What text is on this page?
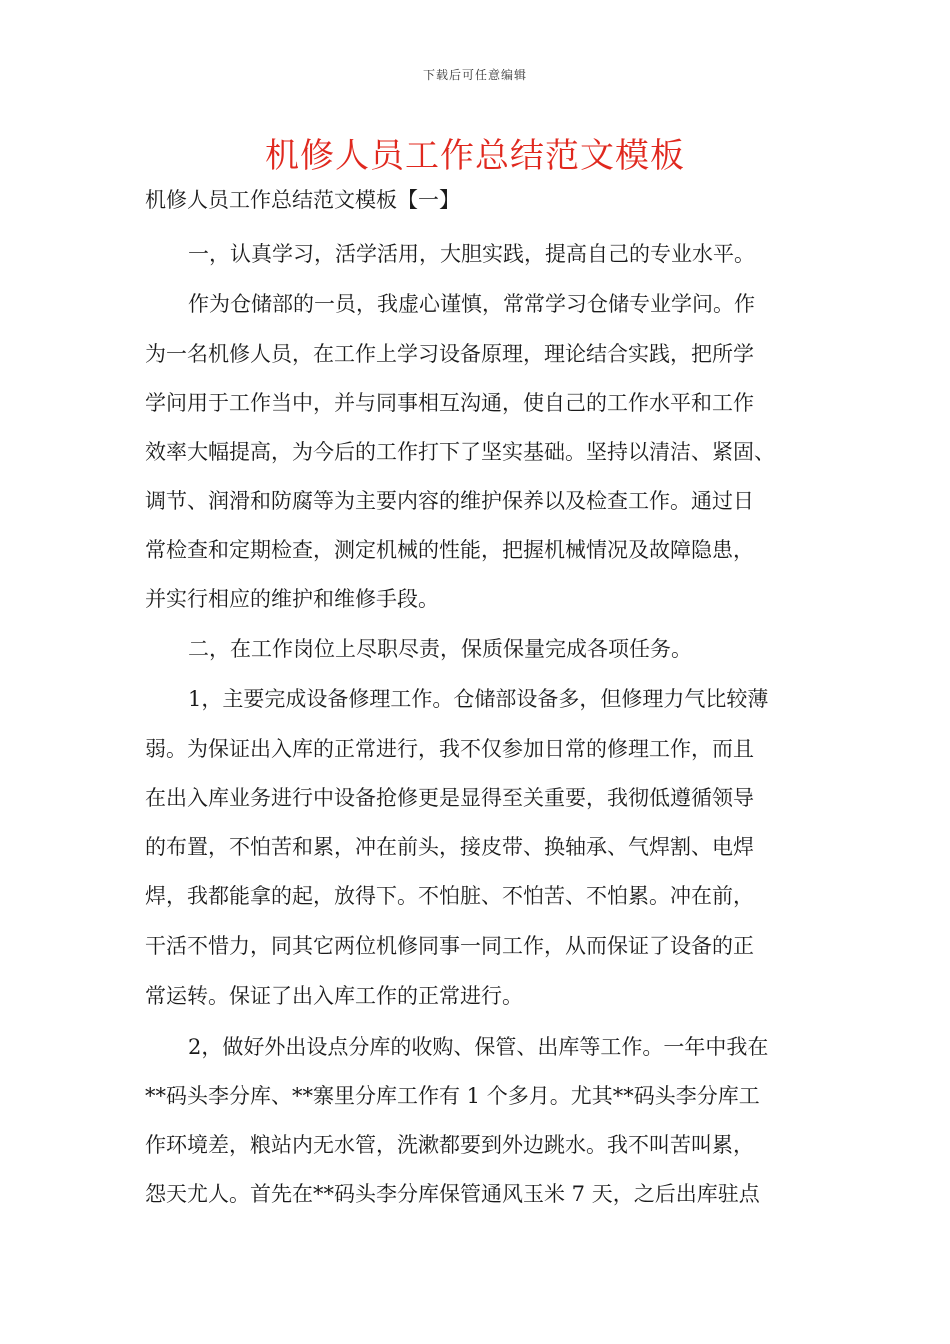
下载后可任意编辑
机修人员工作总结范文模板
机修人员工作总结范文模板【一】
一，认真学习，活学活用，大胆实践，提高自己的专业水平。
作为仓储部的一员，我虚心谨慎，常常学习仓储专业学问。作
为一名机修人员，在工作上学习设备原理，理论结合实践，把所学
学问用于工作当中，并与同事相互沟通，使自己的工作水平和工作
效率大幅提高，为今后的工作打下了坚实基础。坚持以清洁、紧固、
调节、润滑和防腐等为主要内容的维护保养以及检查工作。通过日
常检查和定期检查，测定机械的性能，把握机械情况及故障隐患，
并实行相应的维护和维修手段。
二，在工作岗位上尽职尽责，保质保量完成各项任务。
1，主要完成设备修理工作。仓储部设备多，但修理力气比较薄
弱。为保证出入库的正常进行，我不仅参加日常的修理工作，而且
在出入库业务进行中设备抢修更是显得至关重要，我彻低遵循领导
的布置，不怕苦和累，冲在前头，接皮带、换轴承、气焊割、电焊
焊，我都能拿的起，放得下。不怕脏、不怕苦、不怕累。冲在前，
干活不惜力，同其它两位机修同事一同工作，从而保证了设备的正
常运转。保证了出入库工作的正常进行。
2，做好外出设点分库的收购、保管、出库等工作。一年中我在
**码头李分库、**寨里分库工作有 1 个多月。尤其**码头李分库工
作环境差，粮站内无水管，洗漱都要到外边跳水。我不叫苦叫累，
怨天尤人。首先在**码头李分库保管通风玉米 7 天，之后出库驻点
